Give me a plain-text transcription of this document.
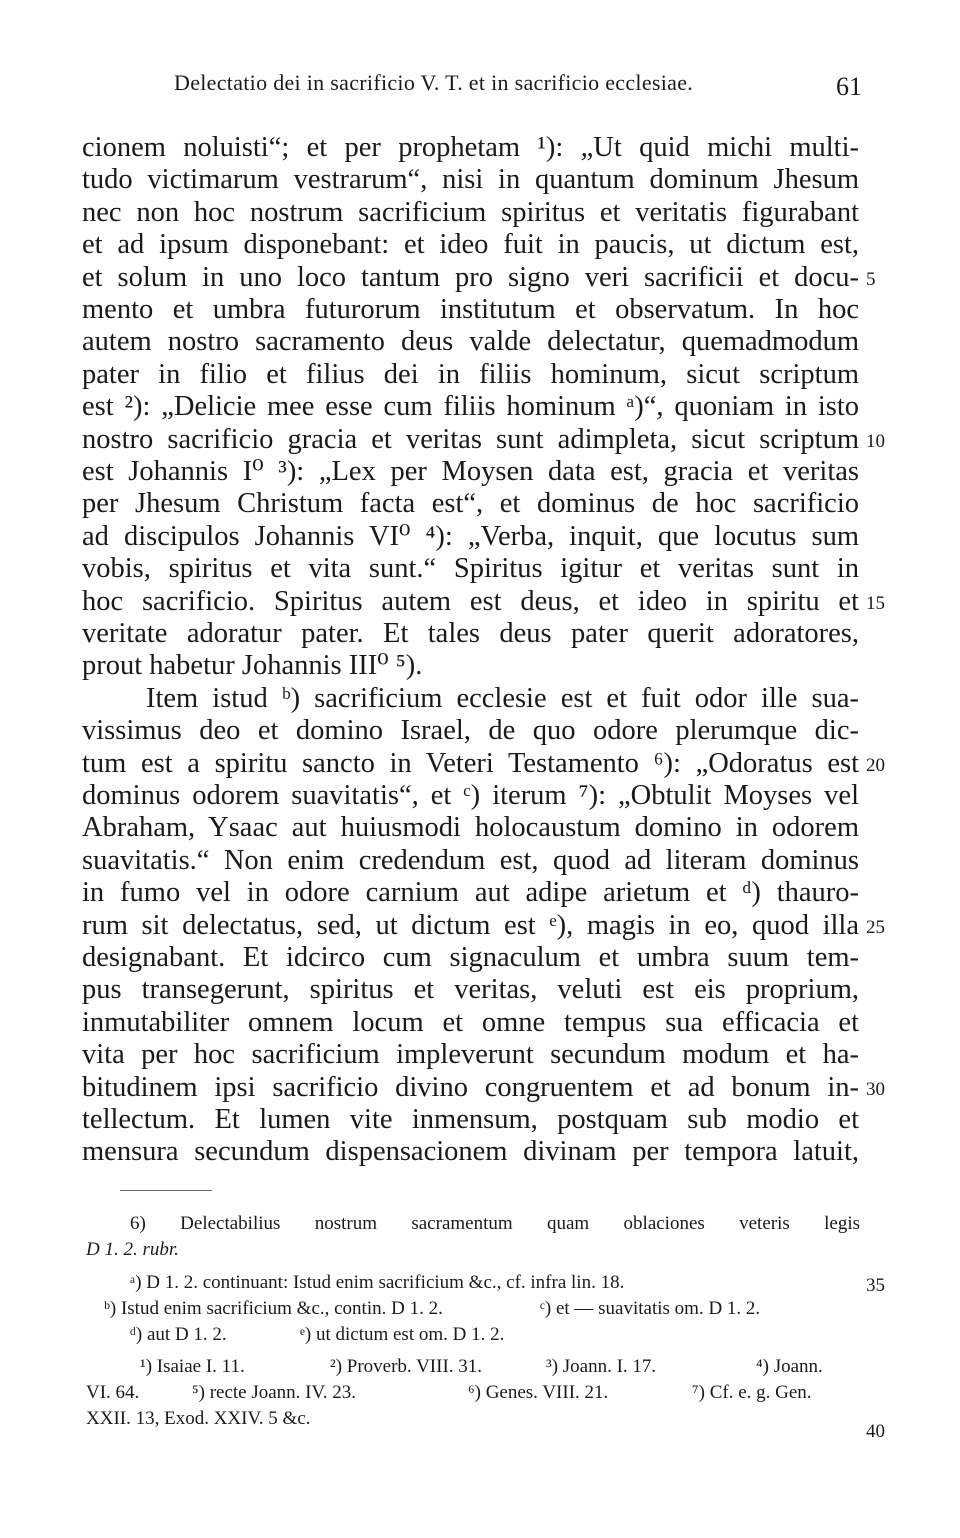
Delectatio dei in sacrificio V. T. et in sacrificio ecclesiae.	61
cionem noluisti“; et per prophetam ¹): „Ut quid michi multi-
tudo victimarum vestrarum“, nisi in quantum dominum Jhesum
nec non hoc nostrum sacrificium spiritus et veritatis figurabant
et ad ipsum disponebant: et ideo fuit in paucis, ut dictum est,
et solum in uno loco tantum pro signo veri sacrificii et docu-
mento et umbra futurorum institutum et observatum. In hoc
autem nostro sacramento deus valde delectatur, quemadmodum
pater in filio et filius dei in filiis hominum, sicut scriptum
est ²): „Delicie mee esse cum filiis hominum ᵃ)“, quoniam in isto
nostro sacrificio gracia et veritas sunt adimpleta, sicut scriptum
est Johannis I⁰ ³): „Lex per Moysen data est, gracia et veritas
per Jhesum Christum facta est“, et dominus de hoc sacrificio
ad discipulos Johannis VI⁰ ⁴): „Verba, inquit, que locutus sum
vobis, spiritus et vita sunt.“ Spiritus igitur et veritas sunt in
hoc sacrificio. Spiritus autem est deus, et ideo in spiritu et
veritate adoratur pater. Et tales deus pater querit adoratores,
prout habetur Johannis III⁰ ⁵).
Item istud ᵇ) sacrificium ecclesie est et fuit odor ille sua-
vissimus deo et domino Israel, de quo odore plerumque dic-
tum est a spiritu sancto in Veteri Testamento ⁶): „Odoratus est
dominus odorem suavitatis“, et ᶜ) iterum ⁷): „Obtulit Moyses vel
Abraham, Ysaac aut huiusmodi holocaustum domino in odorem
suavitatis.“ Non enim credendum est, quod ad literam dominus
in fumo vel in odore carnium aut adipe arietum et ᵈ) thauro-
rum sit delectatus, sed, ut dictum est ᵉ), magis in eo, quod illa
designabant. Et idcirco cum signaculum et umbra suum tem-
pus transegerunt, spiritus et veritas, veluti est eis proprium,
inmutabiliter omnem locum et omne tempus sua efficacia et
vita per hoc sacrificium impleverunt secundum modum et ha-
bitudinem ipsi sacrificio divino congruentem et ad bonum in-
tellectum. Et lumen vite inmensum, postquam sub modio et
mensura secundum dispensacionem divinam per tempora latuit,
5
10
15
20
25
30
6) Delectabilius nostrum sacramentum quam oblaciones veteris legis
D 1. 2. rubr.
ᵃ) D 1. 2. continuant: Istud enim sacrificium &c., cf. infra lin. 18.	35
ᵇ) Istud enim sacrificium &c., contin. D 1. 2.	ᶜ) et — suavitatis om. D 1. 2.
ᵈ) aut D 1. 2.	ᵉ) ut dictum est om. D 1. 2.
¹) Isaiae I. 11.	²) Proverb. VIII. 31.	³) Joann. I. 17.	⁴) Joann.
VI. 64.	⁵) recte Joann. IV. 23.	⁶) Genes. VIII. 21.	⁷) Cf. e. g. Gen.
XXII. 13, Exod. XXIV. 5 &c.
40
